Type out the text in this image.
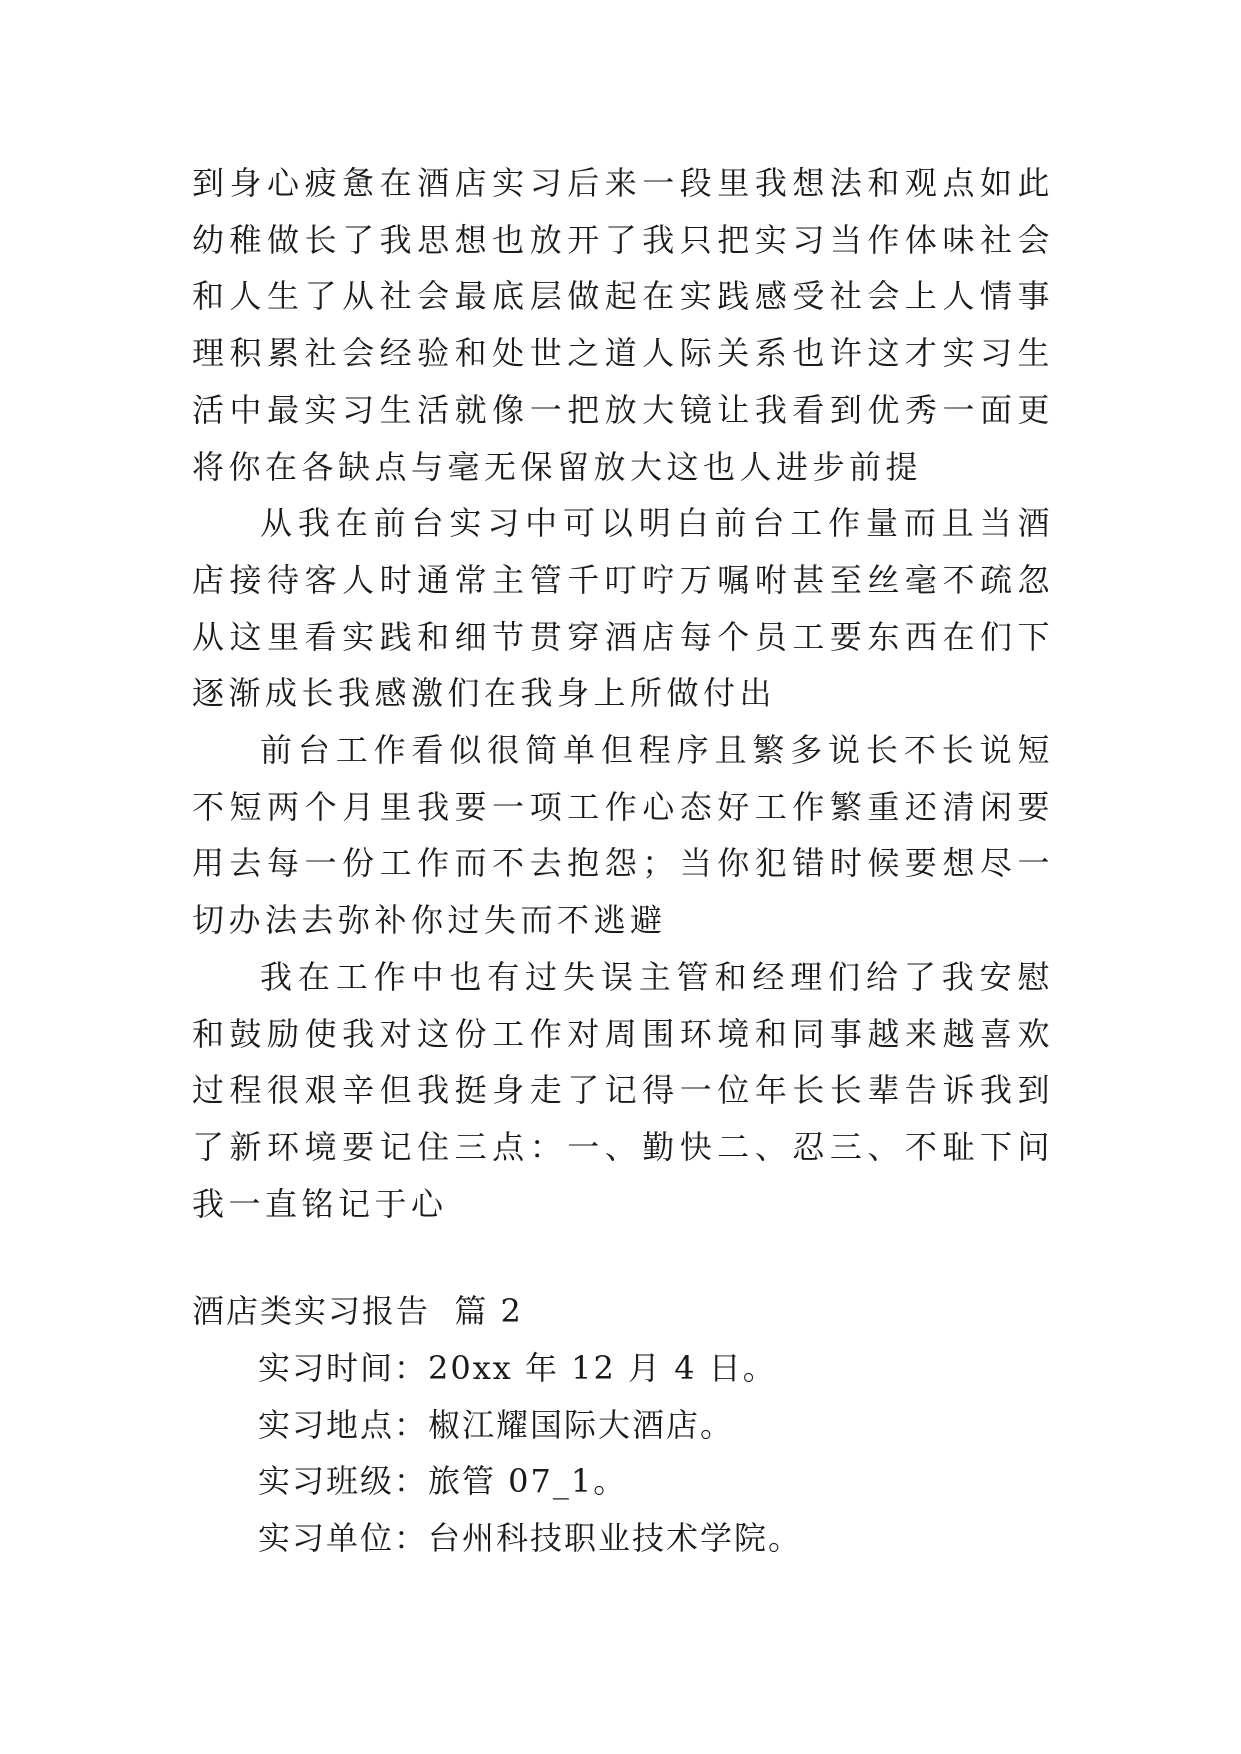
到身心疲惫在酒店实习后来一段里我想法和观点如此幼稚做长了我思想也放开了我只把实习当作体味社会和人生了从社会最底层做起在实践感受社会上人情事理积累社会经验和处世之道人际关系也许这才实习生活中最实习生活就像一把放大镜让我看到优秀一面更将你在各缺点与毫无保留放大这也人进步前提

从我在前台实习中可以明白前台工作量而且当酒店接待客人时通常主管千叮咛万嘱咐甚至丝毫不疏忽从这里看实践和细节贯穿酒店每个员工要东西在们下逐渐成长我感激们在我身上所做付出

前台工作看似很简单但程序且繁多说长不长说短不短两个月里我要一项工作心态好工作繁重还清闲要用去每一份工作而不去抱怨；当你犯错时候要想尽一切办法去弥补你过失而不逃避

我在工作中也有过失误主管和经理们给了我安慰和鼓励使我对这份工作对周围环境和同事越来越喜欢过程很艰辛但我挺身走了记得一位年长长辈告诉我到了新环境要记住三点：一、勤快二、忍三、不耻下问我一直铭记于心

酒店类实习报告  篇 2

实习时间：20xx 年 12 月 4 日。

实习地点：椒江耀国际大酒店。

实习班级：旅管 07_1。

实习单位：台州科技职业技术学院。
